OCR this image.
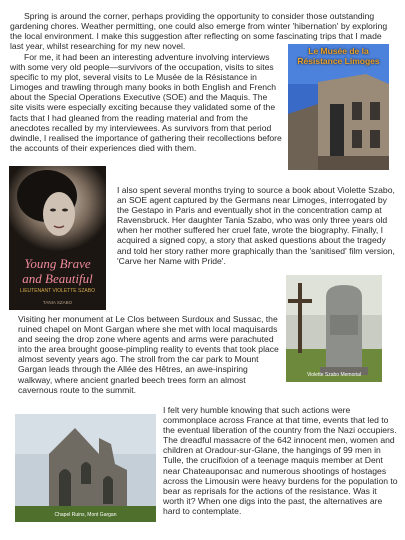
Spring is around the corner, perhaps providing the opportunity to consider those outstanding gardening chores. Weather permitting, one could also emerge from winter 'hibernation' by exploring the local environment. I make this suggestion after reflecting on some fascinating trips that I made last year, whilst researching for my new novel.

For me, it had been an interesting adventure involving interviews with some very old people—survivors of the occupation, visits to sites specific to my plot, several visits to Le Musée de la Résistance in Limoges and trawling through many books in both English and French about the Special Operations Executive (SOE) and the Maquis. The site visits were especially exciting because they validated some of the facts that I had gleaned from the reading material and from the anecdotes recalled by my interviewees. As survivors from that period dwindle, I realised the importance of gathering their recollections before the accounts of their experiences died with them.

Le Musée de la Résistance Limoges
Young Brave
and Beautiful
LIEUTENANT VIOLETTE SZABO
TANIA SZABO

I also spent several months trying to source a book about Violette Szabo, an SOE agent captured by the Germans near Limoges, interrogated by the Gestapo in Paris and eventually shot in the concentration camp at Ravensbruck. Her daughter Tania Szabo, who was only three years old when her mother suffered her cruel fate, wrote the biography. Finally, I acquired a signed copy, a story that asked questions about the tragedy and told her story rather more graphically than the 'sanitised' film version, 'Carve her Name with Pride'.

Violette Szabo Memorial

Visiting her monument at Le Clos between Surdoux and Sussac, the ruined chapel on Mont Gargan where she met with local maquisards and seeing the drop zone where agents and arms were parachuted into the area brought goose-pimpling reality to events that took place almost seventy years ago. The stroll from the car park to Mount Gargan leads through the Allée des Hêtres, an awe-inspiring walkway, where ancient gnarled beech trees form an almost cavernous route to the summit.

Chapel Ruins, Mont Gargan

I felt very humble knowing that such actions were commonplace across France at that time, events that led to the eventual liberation of the country from the Nazi occupiers. The dreadful massacre of the 642 innocent men, women and children at Oradour-sur-Glane, the hangings of 99 men in Tulle, the crucifixion of a teenage maquis member at Dent near Chateauponsac and numerous shootings of hostages across the Limousin were heavy burdens for the population to bear as reprisals for the actions of the resistance. Was it worth it? When one digs into the past, the alternatives are hard to contemplate.
